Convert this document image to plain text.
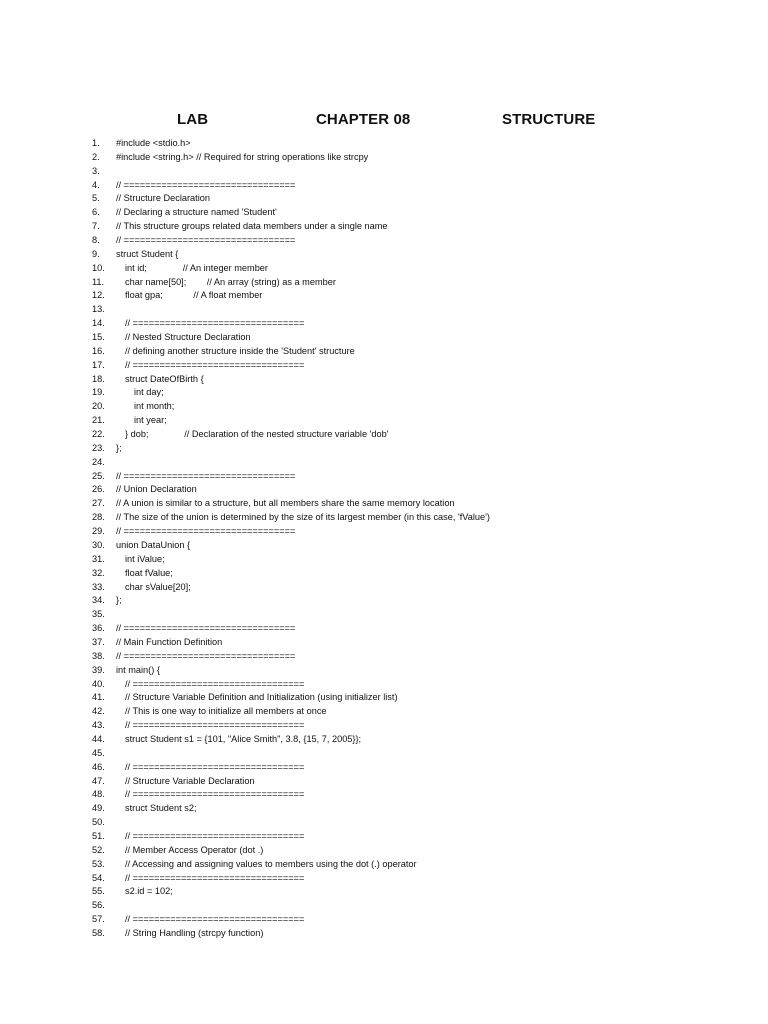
LAB	CHAPTER 08	STRUCTURE
1.	#include <stdio.h>
2.	#include <string.h> // Required for string operations like strcpy
3.
4.	// ================================
5.	// Structure Declaration
6.	// Declaring a structure named 'Student'
7.	// This structure groups related data members under a single name
8.	// ================================
9.	struct Student {
10.	int id;              // An integer member
11.	char name[50];        // An array (string) as a member
12.	float gpa;            // A float member
13.
14.	// ================================
15.	// Nested Structure Declaration
16.	// defining another structure inside the 'Student' structure
17.	// ================================
18.	struct DateOfBirth {
19.	int day;
20.	int month;
21.	int year;
22.	} dob;              // Declaration of the nested structure variable 'dob'
23.	};
24.
25.	// ================================
26.	// Union Declaration
27.	// A union is similar to a structure, but all members share the same memory location
28.	// The size of the union is determined by the size of its largest member (in this case, 'fValue')
29.	// ================================
30.	union DataUnion {
31.	int iValue;
32.	float fValue;
33.	char sValue[20];
34.	};
35.
36.	// ================================
37.	// Main Function Definition
38.	// ================================
39.	int main() {
40.	// ================================
41.	// Structure Variable Definition and Initialization (using initializer list)
42.	// This is one way to initialize all members at once
43.	// ================================
44.	struct Student s1 = {101, "Alice Smith", 3.8, {15, 7, 2005}};
45.
46.	// ================================
47.	// Structure Variable Declaration
48.	// ================================
49.	struct Student s2;
50.
51.	// ================================
52.	// Member Access Operator (dot .)
53.	// Accessing and assigning values to members using the dot (.) operator
54.	// ================================
55.	s2.id = 102;
56.
57.	// ================================
58.	// String Handling (strcpy function)
